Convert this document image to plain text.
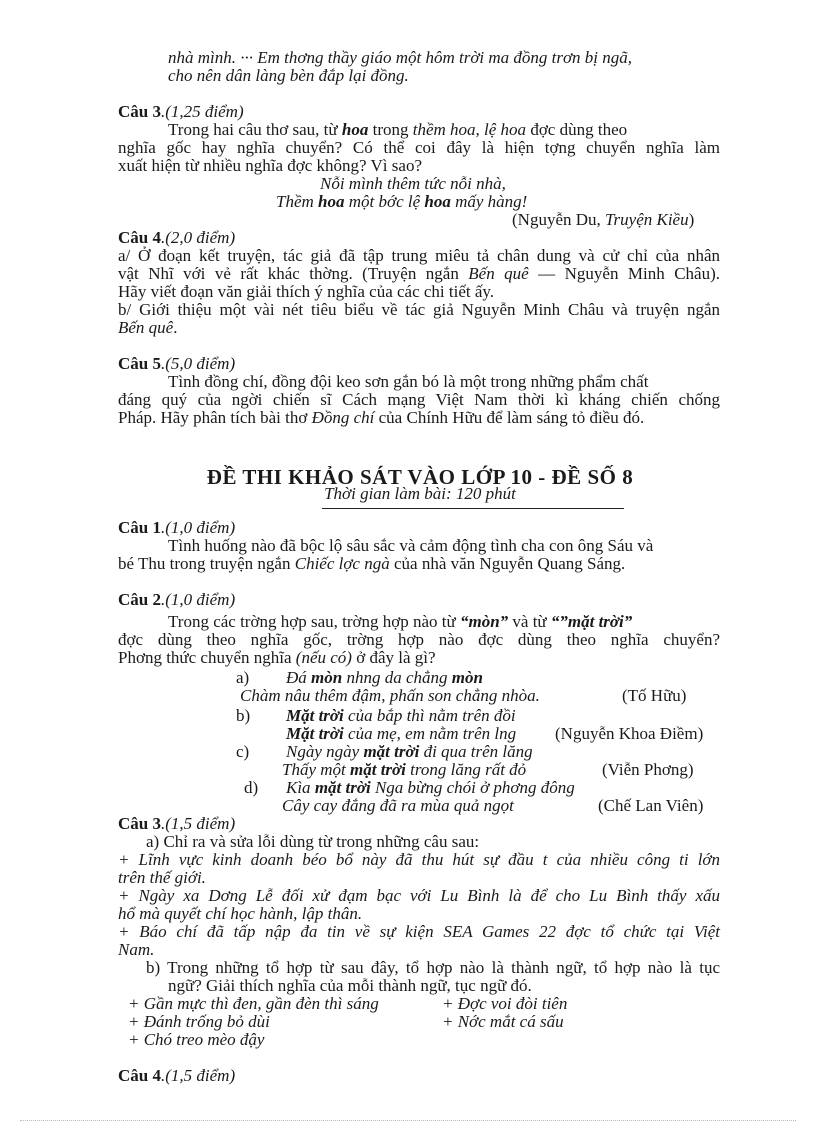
nhà mình. ··· Em thơng thầy giáo một hôm trời ma đồng trơn bị ngã,
cho nên dân làng bèn đắp lại đồng.
Câu 3.(1,25 điểm)
Trong hai câu thơ sau, từ hoa trong thềm hoa, lệ hoa đợc dùng theo
nghĩa gốc hay nghĩa chuyển? Có thể coi đây là hiện tợng chuyển nghĩa làm
xuất hiện từ nhiều nghĩa đợc không? Vì sao?
Nỗi mình thêm tức nỗi nhà,
Thềm hoa một bớc lệ hoa mấy hàng!
(Nguyễn Du, Truyện Kiều)
Câu 4.(2,0 điểm)
a/ Ở đoạn kết truyện, tác giả đã tập trung miêu tả chân dung và cử chỉ của nhân
vật Nhĩ với vẻ rất khác thờng. (Truyện ngắn Bến quê — Nguyễn Minh Châu).
Hãy viết đoạn văn giải thích ý nghĩa của các chi tiết ấy.
b/ Giới thiệu một vài nét tiêu biểu về tác giả Nguyễn Minh Châu và truyện ngắn
Bến quê.
Câu 5.(5,0 điểm)
Tình đồng chí, đồng đội keo sơn gắn bó là một trong những phẩm chất
đáng quý của ngời chiến sĩ Cách mạng Việt Nam thời kì kháng chiến chống
Pháp. Hãy phân tích bài thơ Đồng chí của Chính Hữu để làm sáng tỏ điều đó.
ĐỀ THI KHẢO SÁT VÀO LỚP 10 - ĐỀ SỐ 8
Thời gian làm bài: 120 phút
Câu 1.(1,0 điểm)
Tình huống nào đã bộc lộ sâu sắc và cảm động tình cha con ông Sáu và
bé Thu trong truyện ngắn Chiếc lợc ngà của nhà văn Nguyễn Quang Sáng.
Câu 2.(1,0 điểm)
Trong các trờng hợp sau, trờng hợp nào từ “mòn” và từ “”mặt trời”
đợc dùng theo nghĩa gốc, trờng hợp nào đợc dùng theo nghĩa chuyển?
Phơng thức chuyển nghĩa (nếu có) ở đây là gì?
a) Đá mòn nhng da chẳng mòn
Chàm nâu thêm đậm, phấn son chẳng nhòa.	(Tố Hữu)
b) Mặt trời của bắp thì nằm trên đồi
Mặt trời của mẹ, em nằm trên lng (Nguyễn Khoa Điềm)
c) Ngày ngày mặt trời đi qua trên lăng
Thấy một mặt trời trong lăng rất đỏ	(Viễn Phơng)
d) Kìa mặt trời Nga bừng chói ở phơng đông
Cây cay đắng đã ra mùa quả ngọt	(Chế Lan Viên)
Câu 3.(1,5 điểm)
a) Chỉ ra và sửa lỗi dùng từ trong những câu sau:
+ Lĩnh vực kinh doanh béo bổ này đã thu hút sự đầu t của nhiều công ti lớn
trên thế giới.
+ Ngày xa Dơng Lễ đối xử đạm bạc với Lu Bình là để cho Lu Bình thấy xấu
hổ mà quyết chí học hành, lập thân.
+ Báo chí đã tấp nập đa tin về sự kiện SEA Games 22 đợc tổ chức tại Việt
Nam.
b) Trong những tổ hợp từ sau đây, tổ hợp nào là thành ngữ, tổ hợp nào là tục
ngữ? Giải thích nghĩa của mỗi thành ngữ, tục ngữ đó.
+ Gần mực thì đen, gần đèn thì sáng	+ Đợc voi đòi tiên
+ Đánh trống bỏ dùi	+ Nớc mắt cá sấu
+ Chó treo mèo đậy
Câu 4.(1,5 điểm)
